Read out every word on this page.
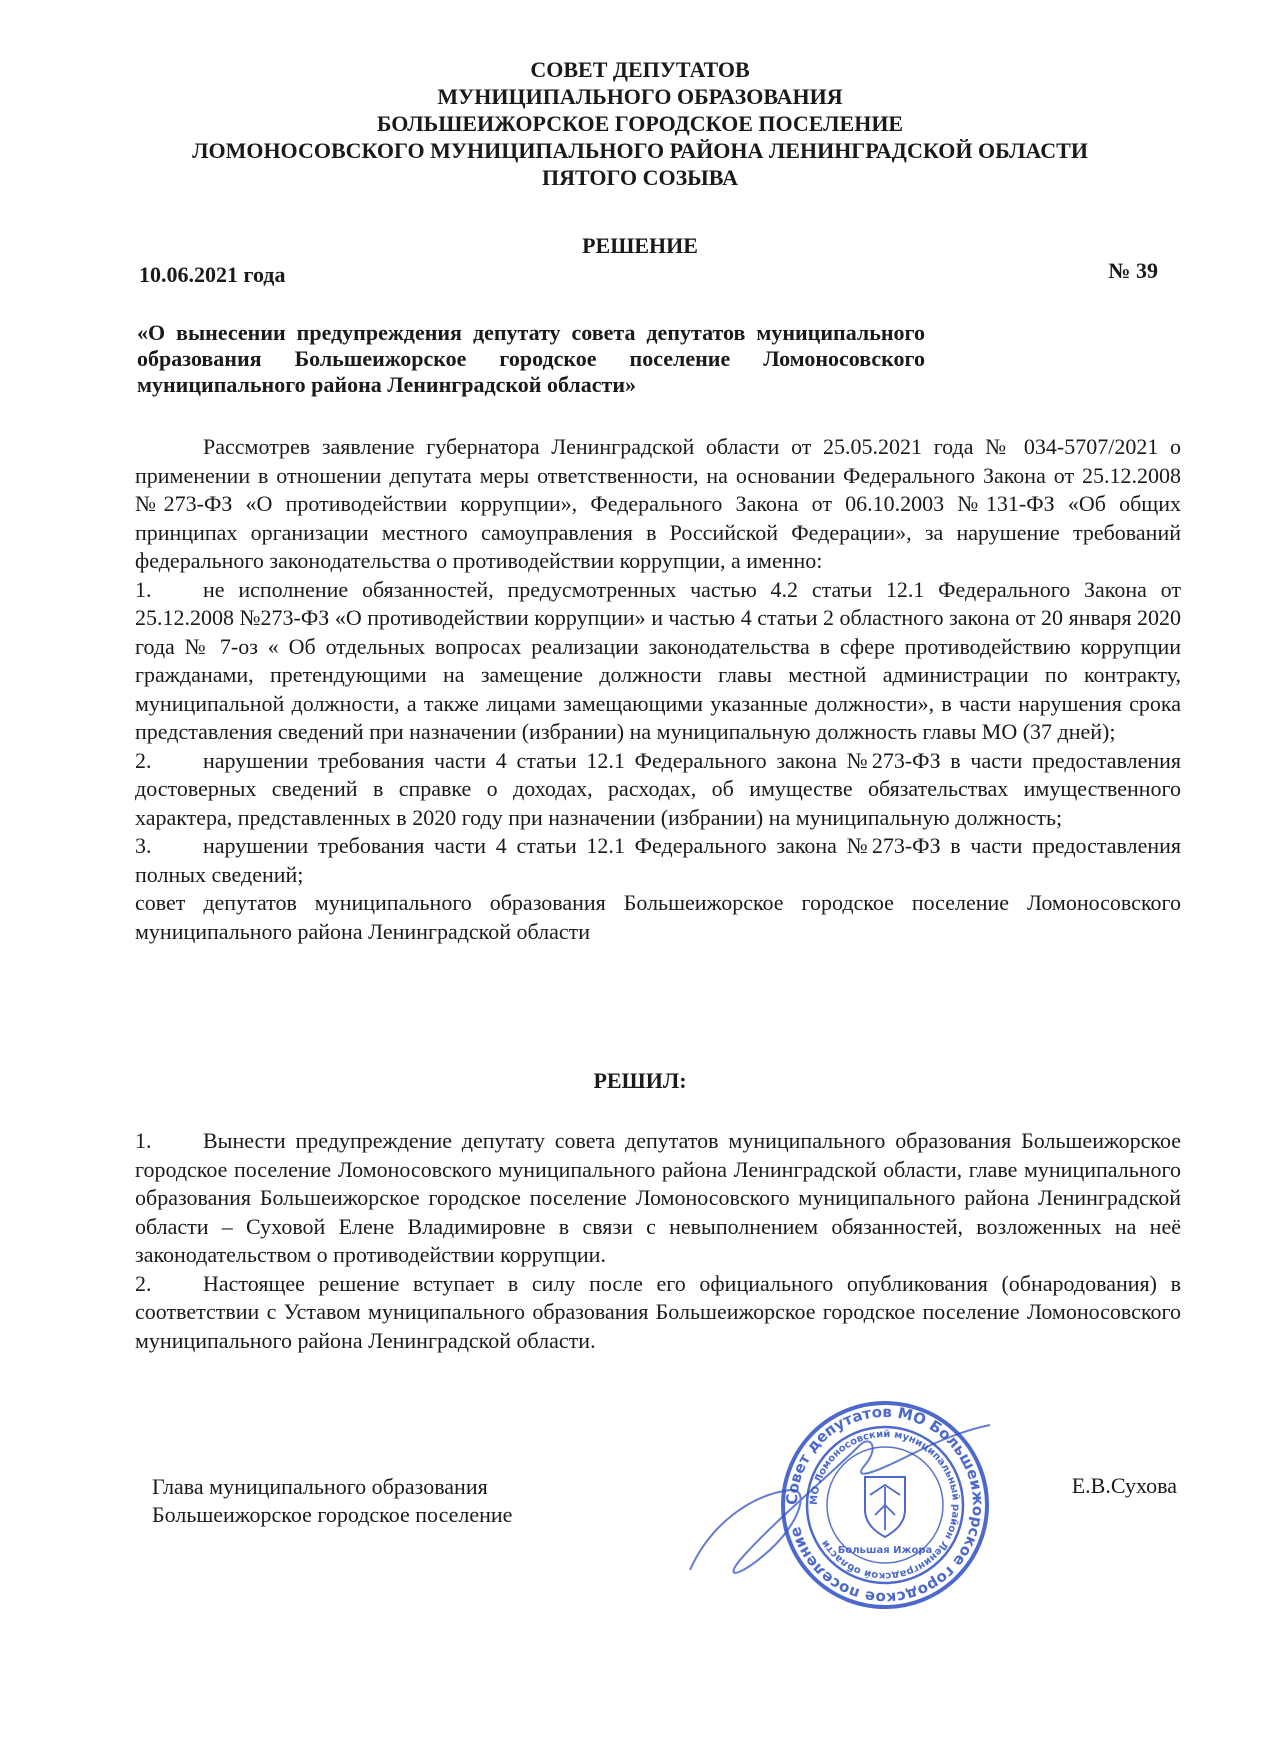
СОВЕТ ДЕПУТАТОВ
МУНИЦИПАЛЬНОГО ОБРАЗОВАНИЯ
БОЛЬШЕИЖОРСКОЕ ГОРОДСКОЕ ПОСЕЛЕНИЕ
ЛОМОНОСОВСКОГО МУНИЦИПАЛЬНОГО РАЙОНА ЛЕНИНГРАДСКОЙ ОБЛАСТИ
ПЯТОГО СОЗЫВА
РЕШЕНИЕ
10.06.2021 года	№ 39
«О вынесении предупреждения депутату совета депутатов муниципального образования Большеижорское городское поселение Ломоносовского муниципального района Ленинградской области»

Рассмотрев заявление губернатора Ленинградской области от 25.05.2021 года № 034-5707/2021 о применении в отношении депутата меры ответственности, на основании Федерального Закона от 25.12.2008 №273-ФЗ «О противодействии коррупции», Федерального Закона от 06.10.2003 №131-ФЗ «Об общих принципах организации местного самоуправления в Российской Федерации», за нарушение требований федерального законодательства о противодействии коррупции, а именно:

1. не исполнение обязанностей, предусмотренных частью 4.2 статьи 12.1 Федерального Закона от 25.12.2008 №273-ФЗ «О противодействии коррупции» и частью 4 статьи 2 областного закона от 20 января 2020 года № 7-оз « Об отдельных вопросах реализации законодательства в сфере противодействию коррупции гражданами, претендующими на замещение должности главы местной администрации по контракту, муниципальной должности, а также лицами замещающими указанные должности», в части нарушения срока представления сведений при назначении (избрании) на муниципальную должность главы МО (37 дней);

2. нарушении требования части 4 статьи 12.1 Федерального закона №273-ФЗ в части предоставления достоверных сведений в справке о доходах, расходах, об имуществе обязательствах имущественного характера, представленных в 2020 году при назначении (избрании) на муниципальную должность;

3. нарушении требования части 4 статьи 12.1 Федерального закона №273-ФЗ в части предоставления полных сведений;

совет депутатов муниципального образования Большеижорское городское поселение Ломоносовского муниципального района Ленинградской области

РЕШИЛ:

1. Вынести предупреждение депутату совета депутатов муниципального образования Большеижорское городское поселение Ломоносовского муниципального района Ленинградской области, главе муниципального образования Большеижорское городское поселение Ломоносовского муниципального района Ленинградской области – Суховой Елене Владимировне в связи с невыполнением обязанностей, возложенных на неё законодательством о противодействии коррупции.

2. Настоящее решение вступает в силу после его официального опубликования (обнародования) в соответствии с Уставом муниципального образования Большеижорское городское поселение Ломоносовского муниципального района Ленинградской области.

Глава муниципального образования
Большеижорское городское поселение
Е.В.Сухова
Совет депутатов МО Большеижорское городское поселение
МО Ломоносовский муниципальный район Ленинградской области
Большая Ижора
